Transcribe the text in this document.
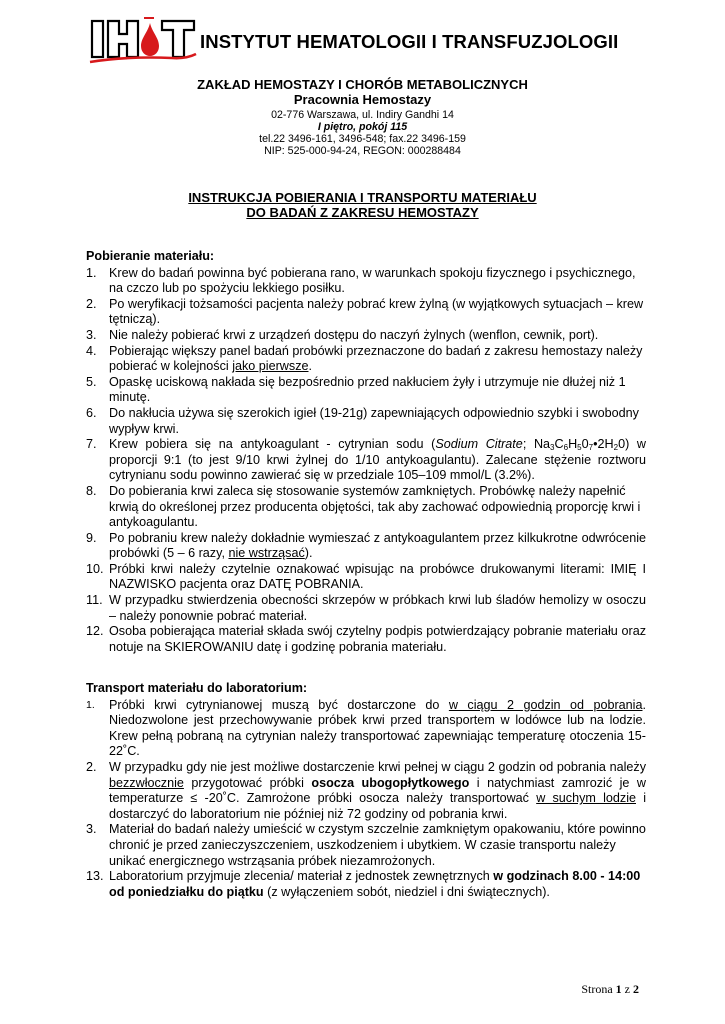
INSTYTUT HEMATOLOGII I TRANSFUZJOLOGII
ZAKŁAD HEMOSTAZY I CHORÓB METABOLICZNYCH
Pracownia Hemostazy
02-776 Warszawa, ul. Indiry Gandhi 14
I piętro, pokój 115
tel.22 3496-161, 3496-548; fax.22 3496-159
NIP: 525-000-94-24, REGON: 000288484
INSTRUKCJA POBIERANIA I TRANSPORTU MATERIAŁU
DO BADAŃ Z ZAKRESU HEMOSTAZY
Pobieranie materiału:
1. Krew do badań powinna być pobierana rano, w warunkach spokoju fizycznego i psychicznego, na czczo lub po spożyciu lekkiego posiłku.
2. Po weryfikacji tożsamości pacjenta należy pobrać krew żylną (w wyjątkowych sytuacjach – krew tętniczą).
3. Nie należy pobierać krwi z urządzeń dostępu do naczyń żylnych (wenflon, cewnik, port).
4. Pobierając większy panel badań probówki przeznaczone do badań z zakresu hemostazy należy pobierać w kolejności jako pierwsze.
5. Opaskę uciskową nakłada się bezpośrednio przed nakłuciem żyły i utrzymuje nie dłużej niż 1 minutę.
6. Do nakłucia używa się szerokich igieł (19-21g) zapewniających odpowiednio szybki i swobodny wypływ krwi.
7. Krew pobiera się na antykoagulant - cytrynian sodu (Sodium Citrate; $Na_3C_6H_50_7•2H_20$) w proporcji 9:1 (to jest 9/10 krwi żylnej do 1/10 antykoagulantu). Zalecane stężenie roztworu cytrynianu sodu powinno zawierać się w przedziale 105–109 mmol/L (3.2%).
8. Do pobierania krwi zaleca się stosowanie systemów zamkniętych. Probówkę należy napełnić krwią do określonej przez producenta objętości, tak aby zachować odpowiednią proporcję krwi i antykoagulantu.
9. Po pobraniu krew należy dokładnie wymieszać z antykoagulantem przez kilkukrotne odwrócenie probówki (5 – 6 razy, nie wstrząsać).
10. Próbki krwi należy czytelnie oznakować wpisując na probówce drukowanymi literami: IMIĘ I NAZWISKO pacjenta oraz DATĘ POBRANIA.
11. W przypadku stwierdzenia obecności skrzepów w próbkach krwi lub śladów hemolizy w osoczu – należy ponownie pobrać materiał.
12. Osoba pobierająca materiał składa swój czytelny podpis potwierdzający pobranie materiału oraz notuje na SKIEROWANIU datę i godzinę pobrania materiału.
Transport materiału do laboratorium:
1. Próbki krwi cytrynianowej muszą być dostarczone do w ciągu 2 godzin od pobrania. Niedozwolone jest przechowywanie próbek krwi przed transportem w lodówce lub na lodzie. Krew pełną pobraną na cytrynian należy transportować zapewniając temperaturę otoczenia 15-22˚C.
2. W przypadku gdy nie jest możliwe dostarczenie krwi pełnej w ciągu 2 godzin od pobrania należy bezzwłocznie przygotować próbki osocza ubogopłytkowego i natychmiast zamrozić je w temperaturze ≤ -20˚C. Zamrożone próbki osocza należy transportować w suchym lodzie i dostarczyć do laboratorium nie później niż 72 godziny od pobrania krwi.
3. Materiał do badań należy umieścić w czystym szczelnie zamkniętym opakowaniu, które powinno chronić je przed zanieczyszczeniem, uszkodzeniem i ubytkiem. W czasie transportu należy unikać energicznego wstrząsania próbek niezamrożonych.
13. Laboratorium przyjmuje zlecenia/ materiał z jednostek zewnętrznych w godzinach 8.00 - 14:00 od poniedziałku do piątku (z wyłączeniem sobót, niedziel i dni świątecznych).
Strona 1 z 2
